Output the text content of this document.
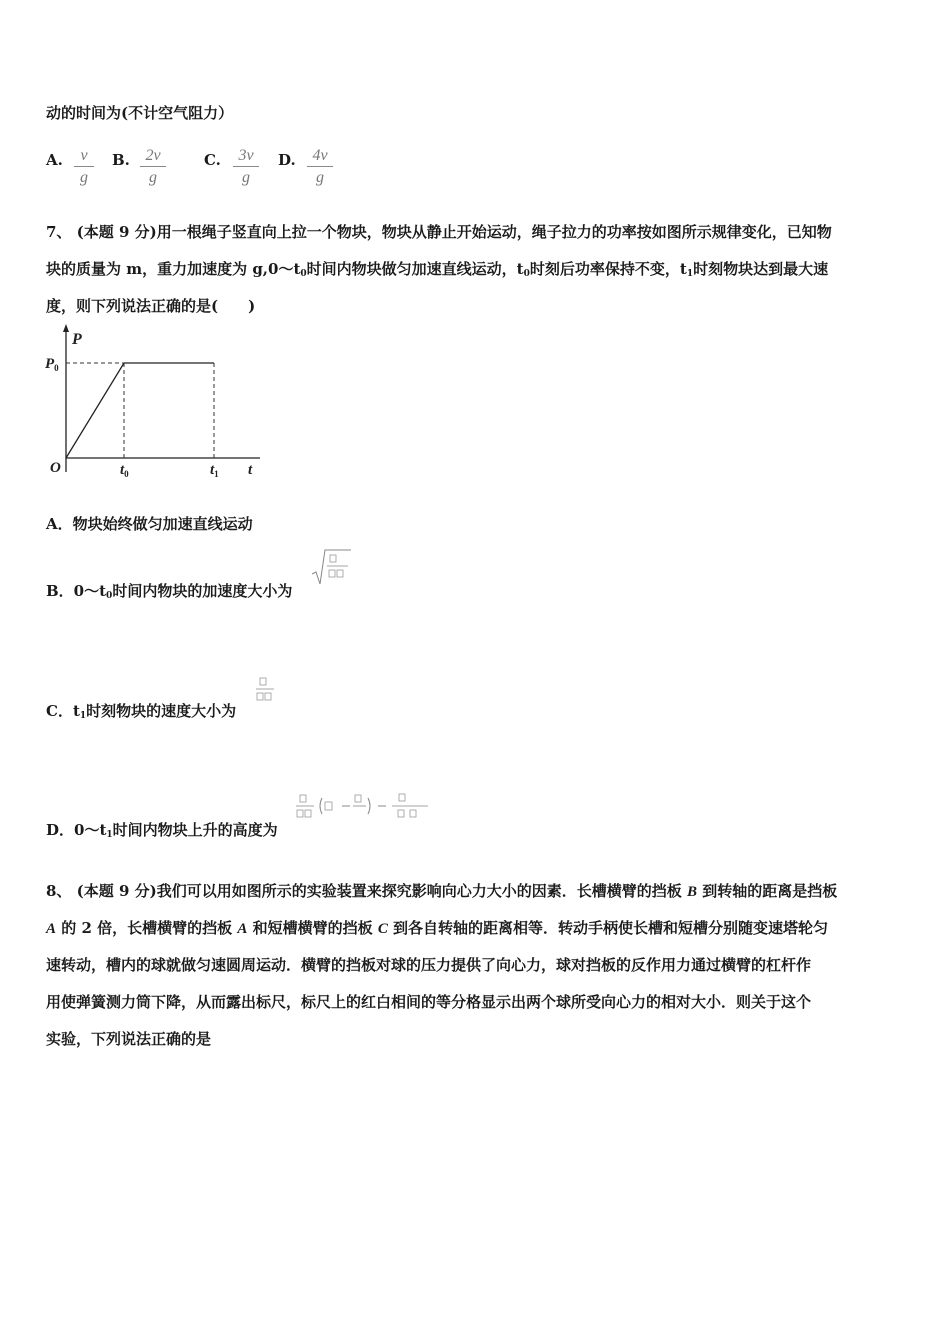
动的时间为(不计空气阻力）
A. $\frac{v}{g} B$. $\frac{2v}{g}$	C. $\frac{3v}{g} D$. $\frac{4v}{g}$
7、 (本题 9 分)用一根绳子竖直向上拉一个物块，物块从静止开始运动，绳子拉力的功率按如图所示规律变化，已知物
块的质量为 m，重力加速度为 $g,0\sim t_0$时间内物块做匀加速直线运动，$t_0$时刻后功率保持不变，$t_1$时刻物块达到最大速
度，则下列说法正确的是(　　)
P
$P_0$
O	$t_0$	$t_1$ t
A．物块始终做匀加速直线运动
B．$0\sim t_0$时间内物块的加速度大小为
C．$t_1$时刻物块的速度大小为
D．$0\sim t_1$时间内物块上升的高度为
8、 (本题 9 分)我们可以用如图所示的实验装置来探究影响向心力大小的因素．长槽横臂的挡板 B 到转轴的距离是挡板
A 的 2 倍，长槽横臂的挡板 A 和短槽横臂的挡板 C 到各自转轴的距离相等．转动手柄使长槽和短槽分别随变速塔轮匀
速转动，槽内的球就做匀速圆周运动．横臂的挡板对球的压力提供了向心力，球对挡板的反作用力通过横臂的杠杆作
用使弹簧测力筒下降，从而露出标尺，标尺上的红白相间的等分格显示出两个球所受向心力的相对大小．则关于这个
实验，下列说法正确的是
